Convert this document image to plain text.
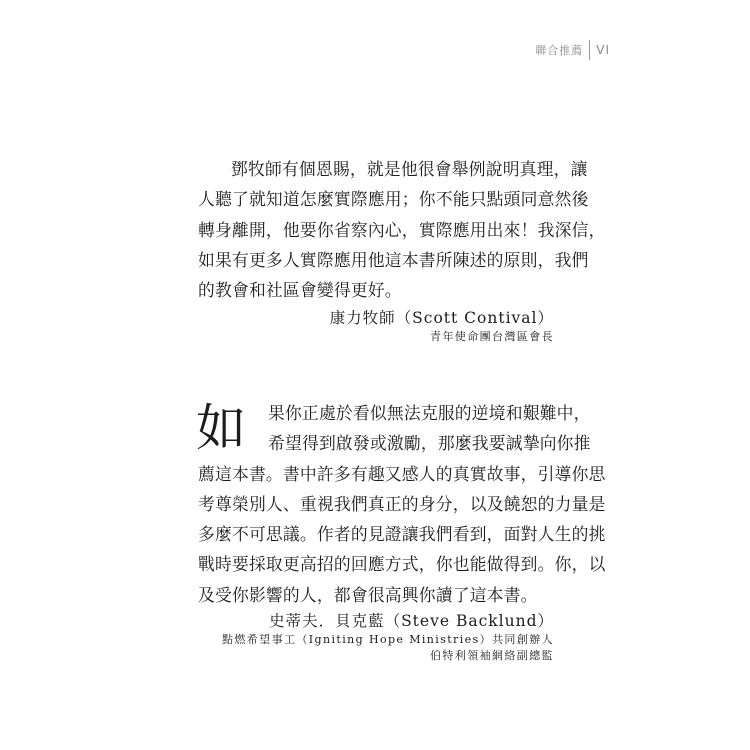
聯合推薦 VI
鄧牧師有個恩賜，就是他很會舉例說明真理，讓
人聽了就知道怎麼實際應用；你不能只點頭同意然後
轉身離開，他要你省察內心，實際應用出來！我深信，
如果有更多人實際應用他這本書所陳述的原則，我們
的教會和社區會變得更好。
康力牧師（Scott Contival）
青年使命團台灣區會長
如	果你正處於看似無法克服的逆境和艱難中，
希望得到啟發或激勵，那麼我要誠摯向你推
薦這本書。書中許多有趣又感人的真實故事，引導你思
考尊榮別人、重視我們真正的身分，以及饒恕的力量是
多麼不可思議。作者的見證讓我們看到，面對人生的挑
戰時要採取更高招的回應方式，你也能做得到。你，以
及受你影響的人，都會很高興你讀了這本書。
史蒂夫．貝克藍（Steve Backlund）
點燃希望事工（Igniting Hope Ministries）共同創辦人
伯特利領袖網絡副總監
